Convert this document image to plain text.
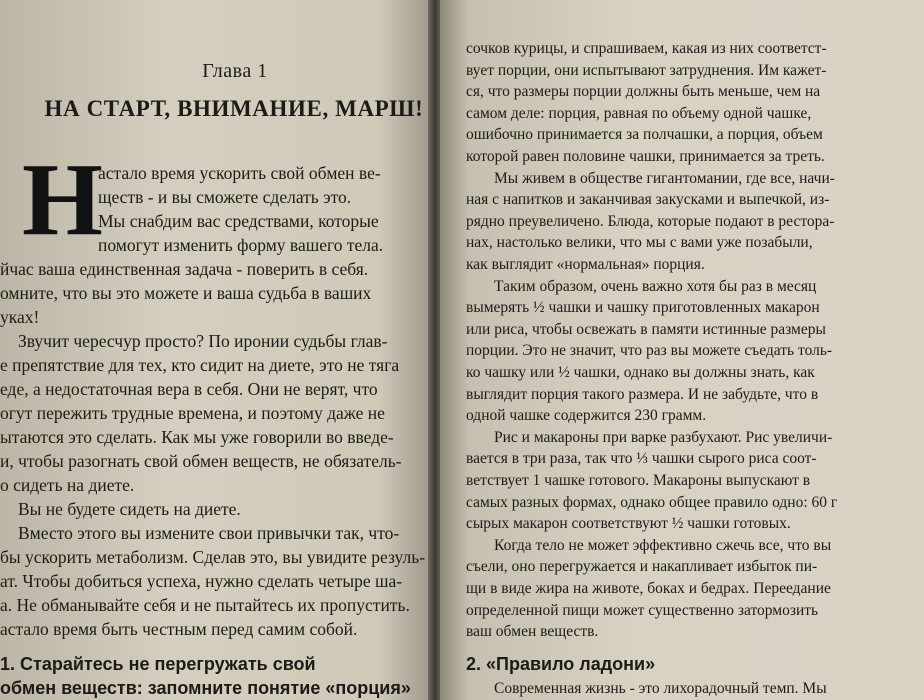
Глава 1
НА СТАРТ, ВНИМАНИЕ, МАРШ!
Н

астало время ускорить свой обмен ве-

ществ - и вы сможете сделать это.

Мы снабдим вас средствами, которые

помогут изменить форму вашего тела.

йчас ваша единственная задача - поверить в себя.

омните, что вы это можете и ваша судьба в ваших

уках!

Звучит чересчур просто? По иронии судьбы глав-

е препятствие для тех, кто сидит на диете, это не тяга

еде, а недостаточная вера в себя. Они не верят, что

огут пережить трудные времена, и поэтому даже не

ытаются это сделать. Как мы уже говорили во введе-

и, чтобы разогнать свой обмен веществ, не обязатель-

о сидеть на диете.

Вы не будете сидеть на диете.

Вместо этого вы измените свои привычки так, что-

бы ускорить метаболизм. Сделав это, вы увидите резуль-

ат. Чтобы добиться успеха, нужно сделать четыре ша-

а. Не обманывайте себя и не пытайтесь их пропустить.

астало время быть честным перед самим собой.

1. Старайтесь не перегружать свой

обмен веществ: запомните понятие «порция»

сочков курицы, и спрашиваем, какая из них соответст-

вует порции, они испытывают затруднения. Им кажет-

ся, что размеры порции должны быть меньше, чем на

самом деле: порция, равная по объему одной чашке,

ошибочно принимается за полчашки, а порция, объем

которой равен половине чашки, принимается за треть.

Мы живем в обществе гигантомании, где все, начи-

ная с напитков и заканчивая закусками и выпечкой, из-

рядно преувеличено. Блюда, которые подают в рестора-

нах, настолько велики, что мы с вами уже позабыли,

как выглядит «нормальная» порция.

Таким образом, очень важно хотя бы раз в месяц

вымерять ½ чашки и чашку приготовленных макарон

или риса, чтобы освежать в памяти истинные размеры

порции. Это не значит, что раз вы можете съедать толь-

ко чашку или ½ чашки, однако вы должны знать, как

выглядит порция такого размера. И не забудьте, что в

одной чашке содержится 230 грамм.

Рис и макароны при варке разбухают. Рис увеличи-

вается в три раза, так что ⅓ чашки сырого риса соот-

ветствует 1 чашке готового. Макароны выпускают в

самых разных формах, однако общее правило одно: 60 г

сырых макарон соответствуют ½ чашки готовых.

Когда тело не может эффективно сжечь все, что вы

съели, оно перегружается и накапливает избыток пи-

щи в виде жира на животе, боках и бедрах. Переедание

определенной пищи может существенно затормозить

ваш обмен веществ.

2. «Правило ладони»

Современная жизнь - это лихорадочный темп. Мы
